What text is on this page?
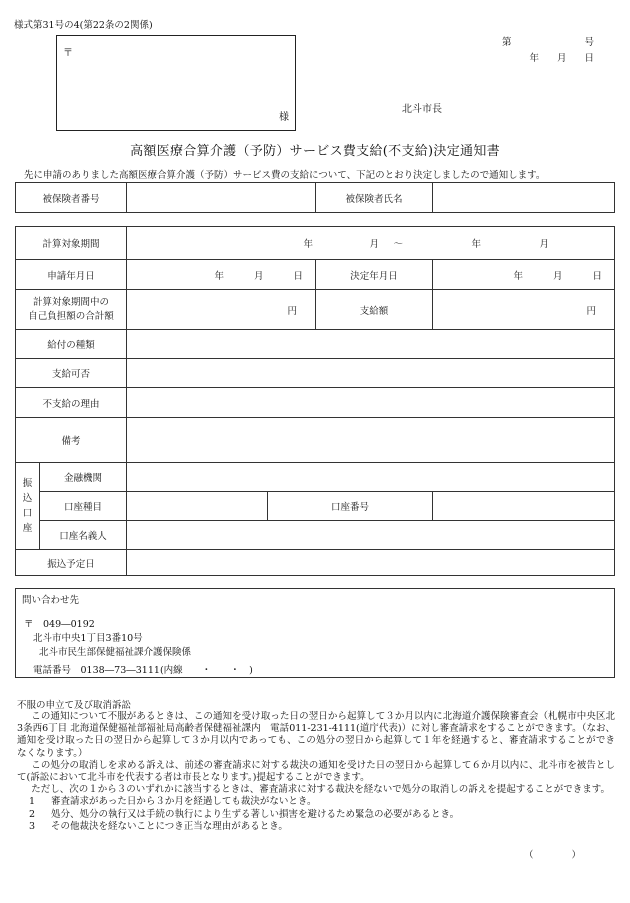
様式第31号の4(第22条の2関係)
〒
様
第	号
年 月 日
北斗市長
高額医療合算介護（予防）サービス費支給(不支給)決定通知書
先に申請のありました高額医療合算介護（予防）サービス費の支給について、下記のとおり決定しましたので通知します。
被保険者番号		被保険者氏名	
計算対象期間		年 月 ～ 年 月			

申請年月日		年 月 日		決定年月日	年 月 日

計算対象期間中の
自己負担額の合計額		円		支給額	円
給付の種類					
支給可否					
不支給の理由					
備考					

振
込
口
座	金融機関				
	口座種目		口座番号		
	口座名義人				
振込予定日					
問い合わせ先
〒　049―0192
北斗市中央1丁目3番10号
北斗市民生部保健福祉課介護保険係
電話番号　0138―73―3111(内線　　・　　・　)
不服の申立て及び取消訴訟

この通知について不服があるときは、この通知を受け取った日の翌日から起算して３か月以内に北海道介護保険審査会（札幌市中央区北3条西6丁目 北海道保健福祉部福祉局高齢者保健福祉課内　電話011-231-4111(道庁代表)）に対し審査請求をすることができます。（なお、通知を受け取った日の翌日から起算して３か月以内であっても、この処分の翌日から起算して１年を経過すると、審査請求することができなくなります。）

この処分の取消しを求める訴えは、前述の審査請求に対する裁決の通知を受けた日の翌日から起算して６か月以内に、北斗市を被告として(訴訟において北斗市を代表する者は市長となります。)提起することができます。

ただし、次の１から３のいずれかに該当するときは、審査請求に対する裁決を経ないで処分の取消しの訴えを提起することができます。

1	審査請求があった日から３か月を経過しても裁決がないとき。
2	処分、処分の執行又は手続の執行により生ずる著しい損害を避けるため緊急の必要があるとき。
3	その他裁決を経ないことにつき正当な理由があるとき。
（　　　　）
